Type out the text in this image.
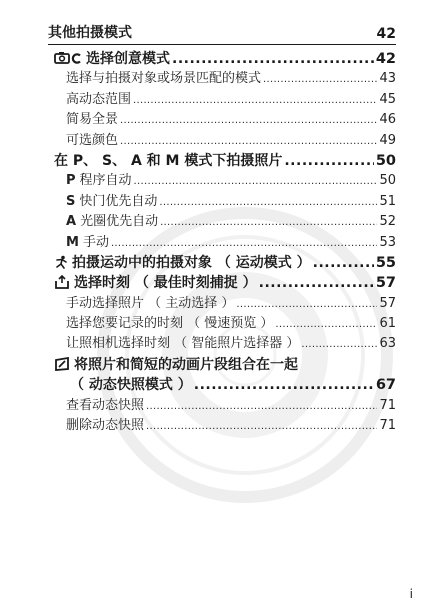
其他拍摄模式	42
选择创意模式 .....	42
选择与拍摄对象或场景匹配的模式 .....	43
高动态范围 .....	45
简易全景 .....	46
可选颜色 .....	49
在 P、 S、 A 和 M 模式下拍摄照片 .....	50
P 程序自动 .....	50
S 快门优先自动 .....	51
A 光圈优先自动 .....	52
M 手动 .....	53
拍摄运动中的拍摄对象 （ 运动模式 ） .....	55
选择时刻 （ 最佳时刻捕捉 ） .....	57
手动选择照片 （ 主动选择 ） .....	57
选择您要记录的时刻 （ 慢速预览 ） .....	61
让照相机选择时刻 （ 智能照片选择器 ） .....	63
将照片和简短的动画片段组合在一起
（ 动态快照模式 ） .....	67
查看动态快照 .....	71
删除动态快照 .....	71
i
